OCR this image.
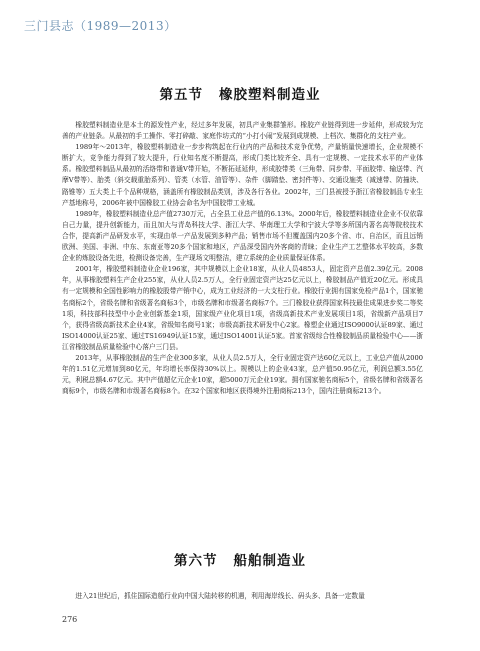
三门县志（1989—2013）
第五节 橡胶塑料制造业

橡胶塑料制造业是本土的源发性产业，经过多年发展，初具产业集群雏形。橡胶产业链得到进一步延伸，形成较为完善的产业链条。从最初的手工操作、零打碎敲、家庭作坊式的“小打小闹”发展到成规模、上档次、集群化的支柱产业。

1989年～2013年，橡胶塑料制造业一步步构筑起在行业内的产品和技术竞争优势，产量销量快速增长，企业规模不断扩大，竞争能力得到了较大提升，行业知名度不断提高，形成门类比较齐全、具有一定规模、一定技术水平的产业体系。橡胶塑料制品从最初的活络带和普通V带开始，不断拓延延伸，形成胶带类（三角带、同步带、平面胶带、输送带、汽摩V带等）、胎类（斜交载重胎系列）、管类（水管、油管等）、杂件（脚踏垫、密封件等）、交通设施类（减速带、防撞块、路锥等）五大类上千个品种规格，涵盖所有橡胶制品类别，涉及各行各业。2002年，三门县被授予浙江省橡胶制品专业生产基地称号，2006年被中国橡胶工业协会命名为中国胶带工业城。

1989年，橡胶塑料制造业总产值2730万元，占全县工业总产值的6.13%。2000年后，橡胶塑料制造业企业不仅依靠自己力量，提升创新能力，而且加大与青岛科技大学、浙江大学、华南理工大学和宁波大学等多所国内著名高等院校技术合作，提高新产品研发水平，实现由单一产品发展到多种产品；销售市场不但覆盖国内20多个省、市、自治区，而且远销欧洲、美国、非洲、中东、东南亚等20多个国家和地区，产品深受国内外客商的青睐；企业生产工艺整体水平较高，多数企业的炼胶设备先进，检测设备完善，生产现场文明整洁，建立系统的企业质量保证体系。

2001年，橡胶塑料制造业企业196家，其中规模以上企业18家，从业人员4853人，固定资产总值2.39亿元。2008年，从事橡胶塑料生产企业255家，从业人员2.5万人，全行业固定资产达25亿元以上，橡胶制品产值近20亿元。形成具有一定规模和全国性影响力的橡胶股带产销中心，成为工业经济的一大支柱行业。橡胶行业拥有国家免检产品1个，国家驰名商标2个，省级名牌和省级著名商标3个，市级名牌和市级著名商标7个。三门橡胶业获得国家科技最佳成果进步奖二等奖1项，科技部科技型中小企业创新基金1项，国家级产业化项目1项，省级高新技术产业发展项目1项，省级新产品项目7个，获得省级高新技术企业4家，省级知名商号1家；市级高新技术研发中心2家。橡塑企业通过ISO9000认证89家、通过ISO14000认证25家、通过TS16949认证15家，通过ISO14001认证5家。首家省级综合性橡胶制品质量检验中心——浙江省橡胶制品质量检验中心落户三门县。

2013年，从事橡胶制品的生产企业300多家，从业人员2.5万人，全行业固定资产达60亿元以上，工业总产值从2000年的1.51亿元增加到80亿元，年均增长率保持30%以上。规模以上的企业43家，总产值50.95亿元，利润总额3.55亿元，利税总额4.67亿元。其中产值超亿元企业10家，超5000万元企业19家。拥有国家驰名商标5个，省级名牌和省级著名商标9个，市级名牌和市级著名商标8个。在32个国家和地区获得境外注册商标213个，国内注册商标213个。

第六节 船舶制造业

进入21世纪后，抓住国际造船行业向中国大陆转移的机遇，利用海岸线长、码头多、具备一定数量

276
